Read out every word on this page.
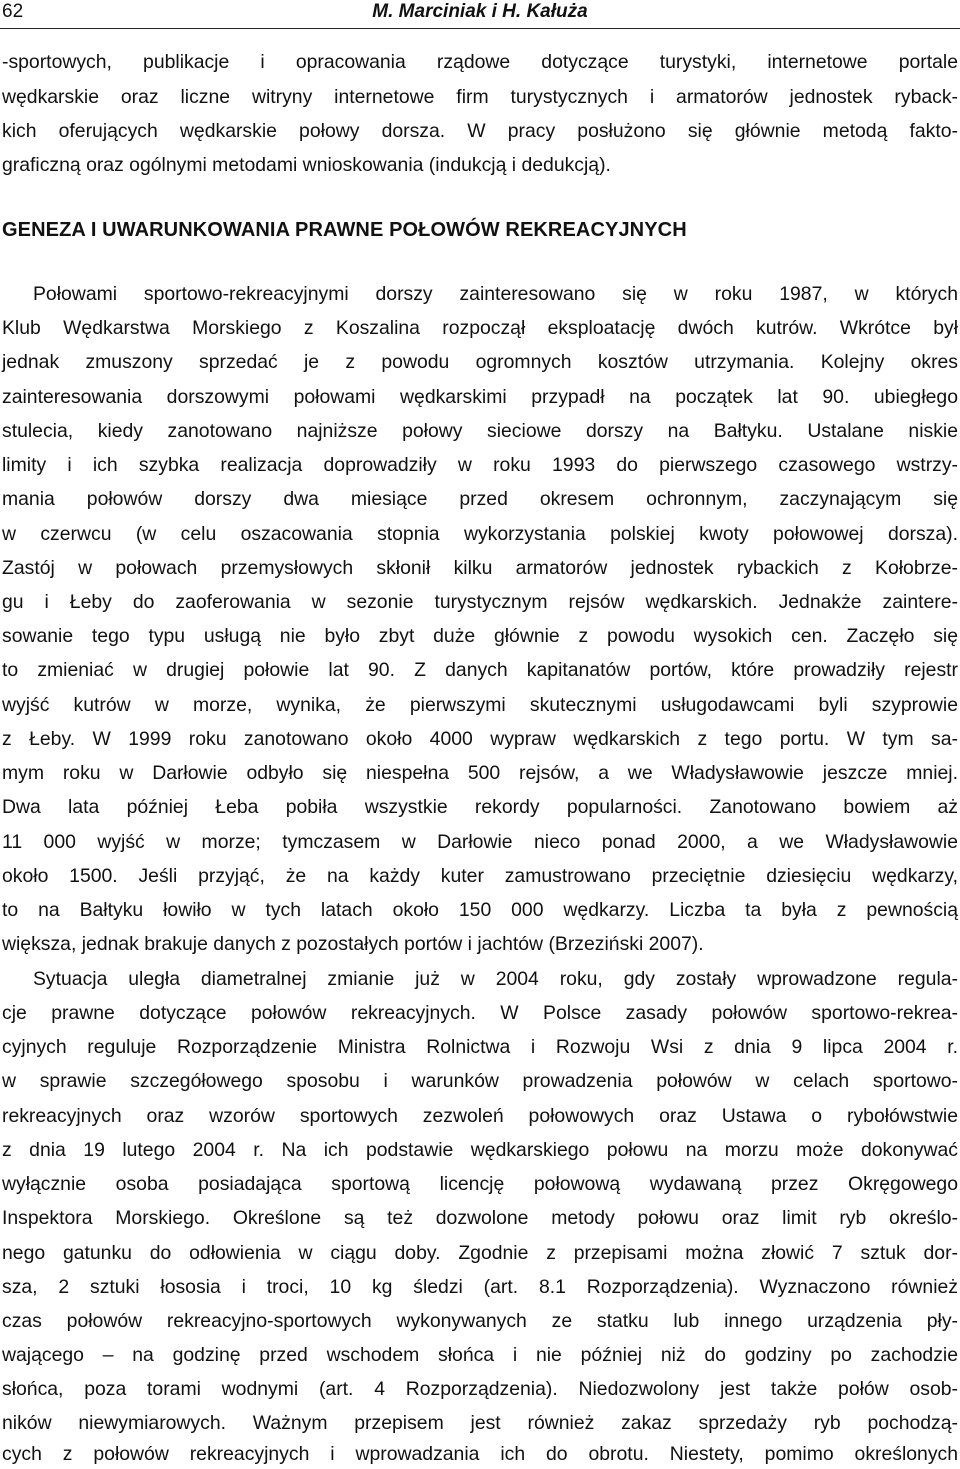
62	M. Marciniak i H. Kałuża
-sportowych, publikacje i opracowania rządowe dotyczące turystyki, internetowe portale
wędkarskie oraz liczne witryny internetowe firm turystycznych i armatorów jednostek ryback-
kich oferujących wędkarskie połowy dorsza. W pracy posłużono się głównie metodą fakto-
graficzną oraz ogólnymi metodami wnioskowania (indukcją i dedukcją).
GENEZA I UWARUNKOWANIA PRAWNE POŁOWÓW REKREACYJNYCH
Połowami sportowo-rekreacyjnymi dorszy zainteresowano się w roku 1987, w których
Klub Wędkarstwa Morskiego z Koszalina rozpoczął eksploatację dwóch kutrów. Wkrótce był
jednak zmuszony sprzedać je z powodu ogromnych kosztów utrzymania. Kolejny okres
zainteresowania dorszowymi połowami wędkarskimi przypadł na początek lat 90. ubiegłego
stulecia, kiedy zanotowano najniższe połowy sieciowe dorszy na Bałtyku. Ustalane niskie
limity i ich szybka realizacja doprowadziły w roku 1993 do pierwszego czasowego wstrzy-
mania połowów dorszy dwa miesiące przed okresem ochronnym, zaczynającym się
w czerwcu (w celu oszacowania stopnia wykorzystania polskiej kwoty połowowej dorsza).
Zastój w połowach przemysłowych skłonił kilku armatorów jednostek rybackich z Kołobrze-
gu i Łeby do zaoferowania w sezonie turystycznym rejsów wędkarskich. Jednakże zaintere-
sowanie tego typu usługą nie było zbyt duże głównie z powodu wysokich cen. Zaczęło się
to zmieniać w drugiej połowie lat 90. Z danych kapitanatów portów, które prowadziły rejestr
wyjść kutrów w morze, wynika, że pierwszymi skutecznymi usługodawcami byli szyprowie
z Łeby. W 1999 roku zanotowano około 4000 wypraw wędkarskich z tego portu. W tym sa-
mym roku w Darłowie odbyło się niespełna 500 rejsów, a we Władysławowie jeszcze mniej.
Dwa lata później Łeba pobiła wszystkie rekordy popularności. Zanotowano bowiem aż
11 000 wyjść w morze; tymczasem w Darłowie nieco ponad 2000, a we Władysławowie
około 1500. Jeśli przyjąć, że na każdy kuter zamustrowano przeciętnie dziesięciu wędkarzy,
to na Bałtyku łowiło w tych latach około 150 000 wędkarzy. Liczba ta była z pewnością
większa, jednak brakuje danych z pozostałych portów i jachtów (Brzeziński 2007).
Sytuacja uległa diametralnej zmianie już w 2004 roku, gdy zostały wprowadzone regula-
cje prawne dotyczące połowów rekreacyjnych. W Polsce zasady połowów sportowo-rekrea-
cyjnych reguluje Rozporządzenie Ministra Rolnictwa i Rozwoju Wsi z dnia 9 lipca 2004 r.
w sprawie szczegółowego sposobu i warunków prowadzenia połowów w celach sportowo-
rekreacyjnych oraz wzorów sportowych zezwoleń połowowych oraz Ustawa o rybołówstwie
z dnia 19 lutego 2004 r. Na ich podstawie wędkarskiego połowu na morzu może dokonywać
wyłącznie osoba posiadająca sportową licencję połowową wydawaną przez Okręgowego
Inspektora Morskiego. Określone są też dozwolone metody połowu oraz limit ryb określo-
nego gatunku do odłowienia w ciągu doby. Zgodnie z przepisami można złowić 7 sztuk dor-
sza, 2 sztuki łososia i troci, 10 kg śledzi (art. 8.1 Rozporządzenia). Wyznaczono również
czas połowów rekreacyjno-sportowych wykonywanych ze statku lub innego urządzenia pły-
wającego – na godzinę przed wschodem słońca i nie później niż do godziny po zachodzie
słońca, poza torami wodnymi (art. 4 Rozporządzenia). Niedozwolony jest także połów osob-
ników niewymiarowych. Ważnym przepisem jest również zakaz sprzedaży ryb pochodzą-
cych z połowów rekreacyjnych i wprowadzania ich do obrotu. Niestety, pomimo określonych
